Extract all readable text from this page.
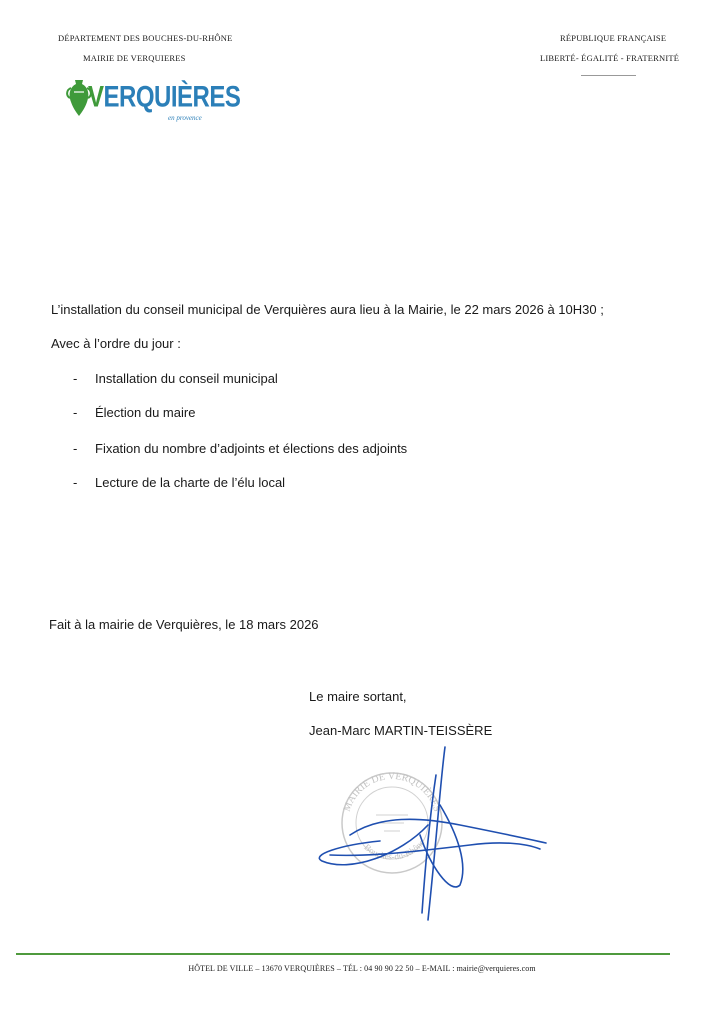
DÉPARTEMENT DES BOUCHES-DU-RHÔNE
MAIRIE DE VERQUIERES
RÉPUBLIQUE FRANÇAISE
LIBERTÉ- ÉGALITÉ - FRATERNITÉ
VERQUIÈRES
en provence
L’installation du conseil municipal de Verquières aura lieu à la Mairie, le 22 mars 2026 à 10H30 ;
Avec à l’ordre du jour :
- Installation du conseil municipal
- Élection du maire
- Fixation du nombre d’adjoints et élections des adjoints
- Lecture de la charte de l’élu local
Fait à la mairie de Verquières, le 18 mars 2026
Le maire sortant,
Jean-Marc MARTIN-TEISSÈRE
MAIRIE DE VERQUIÈRES
Bouches-du-Rhône
HÔTEL DE VILLE – 13670 VERQUIÈRES – TÉL : 04 90 90 22 50 – E-MAIL : mairie@verquieres.com
